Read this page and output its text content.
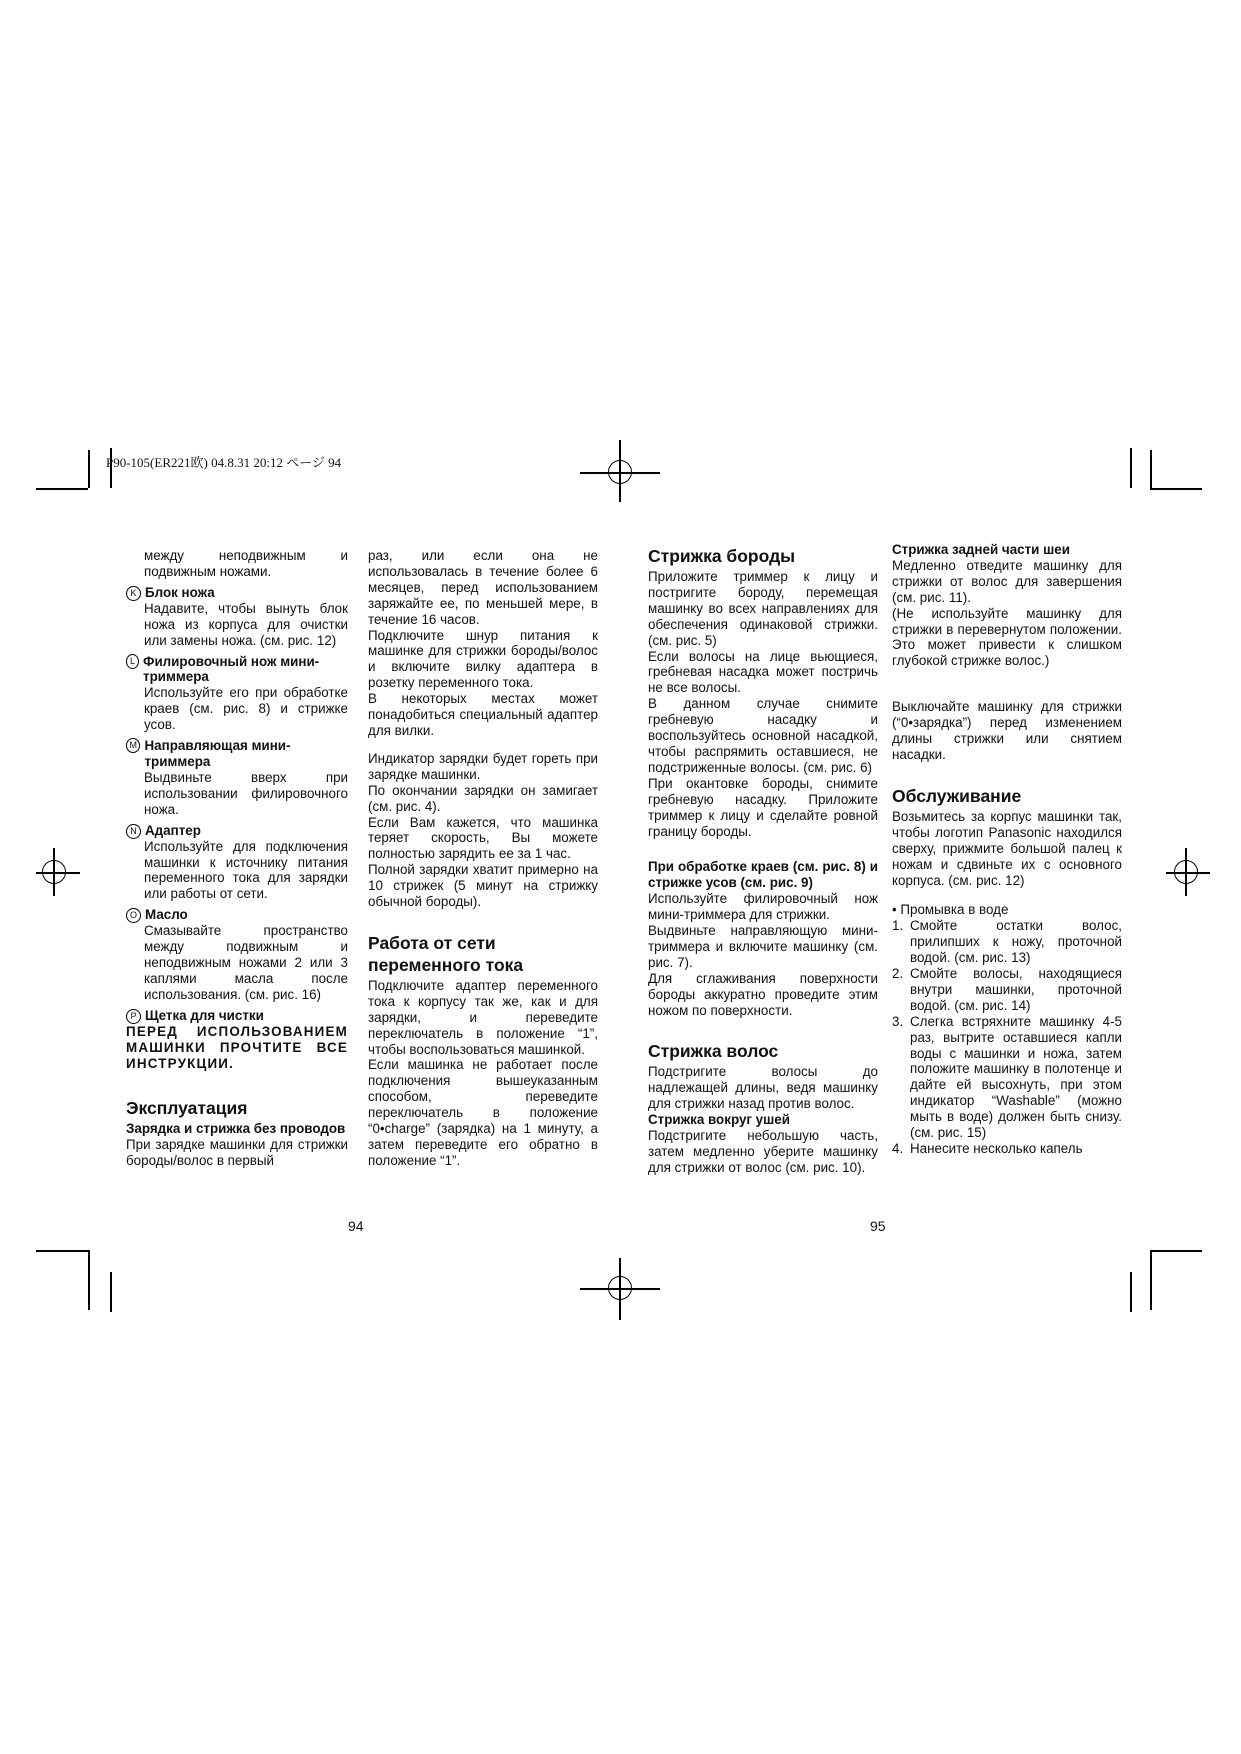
P90-105(ER221欧) 04.8.31 20:12 ページ 94

между неподвижным и подвижным ножами.

K Блок ножа

Надавите, чтобы вынуть блок ножа из корпуса для очистки или замены ножа. (см. рис. 12)

L Филировочный нож мини-триммера

Используйте его при обработке краев (см. рис. 8) и стрижке усов.

M Направляющая мини-триммера

Выдвиньте вверх при использовании филировочного ножа.

N Адаптер

Используйте для подключения машинки к источнику питания переменного тока для зарядки или работы от сети.

O Масло

Смазывайте пространство между подвижным и неподвижным ножами 2 или 3 каплями масла после использования. (см. рис. 16)

P Щетка для чистки

ПЕРЕД ИСПОЛЬЗОВАНИЕМ МАШИНКИ ПРОЧТИТЕ ВСЕ ИНСТРУКЦИИ.

Эксплуатация

Зарядка и стрижка без проводов

При зарядке машинки для стрижки бороды/волос в первый

раз, или если она не использовалась в течение более 6 месяцев, перед использованием заряжайте ее, по меньшей мере, в течение 16 часов.

Подключите шнур питания к машинке для стрижки бороды/волос и включите вилку адаптера в розетку переменного тока.

В некоторых местах может понадобиться специальный адаптер для вилки.

Индикатор зарядки будет гореть при зарядке машинки.

По окончании зарядки он замигает (см. рис. 4).

Если Вам кажется, что машинка теряет скорость, Вы можете полностью зарядить ее за 1 час.

Полной зарядки хватит примерно на 10 стрижек (5 минут на стрижку обычной бороды).

Работа от сети переменного тока

Подключите адаптер переменного тока к корпусу так же, как и для зарядки, и переведите переключатель в положение “1”, чтобы воспользоваться машинкой.

Если машинка не работает после подключения вышеуказанным способом, переведите переключатель в положение “0•charge” (зарядка) на 1 минуту, а затем переведите его обратно в положение “1”.

Стрижка бороды

Приложите триммер к лицу и постригите бороду, перемещая машинку во всех направлениях для обеспечения одинаковой стрижки. (см. рис. 5)

Если волосы на лице вьющиеся, гребневая насадка может постричь не все волосы.

В данном случае снимите гребневую насадку и воспользуйтесь основной насадкой, чтобы распрямить оставшиеся, не подстриженные волосы. (см. рис. 6)

При окантовке бороды, снимите гребневую насадку. Приложите триммер к лицу и сделайте ровной границу бороды.

При обработке краев (см. рис. 8) и стрижке усов (см. рис. 9)

Используйте филировочный нож мини-триммера для стрижки.

Выдвиньте направляющую мини-триммера и включите машинку (см. рис. 7).

Для сглаживания поверхности бороды аккуратно проведите этим ножом по поверхности.

Стрижка волос

Подстригите волосы до надлежащей длины, ведя машинку для стрижки назад против волос.

Стрижка вокруг ушей

Подстригите небольшую часть, затем медленно уберите машинку для стрижки от волос (см. рис. 10).

Стрижка задней части шеи

Медленно отведите машинку для стрижки от волос для завершения (см. рис. 11).

(Не используйте машинку для стрижки в перевернутом положении. Это может привести к слишком глубокой стрижке волос.)

Выключайте машинку для стрижки (“0•зарядка”) перед изменением длины стрижки или снятием насадки.

Обслуживание

Возьмитесь за корпус машинки так, чтобы логотип Panasonic находился сверху, прижмите большой палец к ножам и сдвиньте их с основного корпуса. (см. рис. 12)

• Промывка в воде

1. Смойте остатки волос, прилипших к ножу, проточной водой. (см. рис. 13)
2. Смойте волосы, находящиеся внутри машинки, проточной водой. (см. рис. 14)
3. Слегка встряхните машинку 4-5 раз, вытрите оставшиеся капли воды с машинки и ножа, затем положите машинку в полотенце и дайте ей высохнуть, при этом индикатор “Washable” (можно мыть в воде) должен быть снизу. (см. рис. 15)
4. Нанесите несколько капель
94	95
